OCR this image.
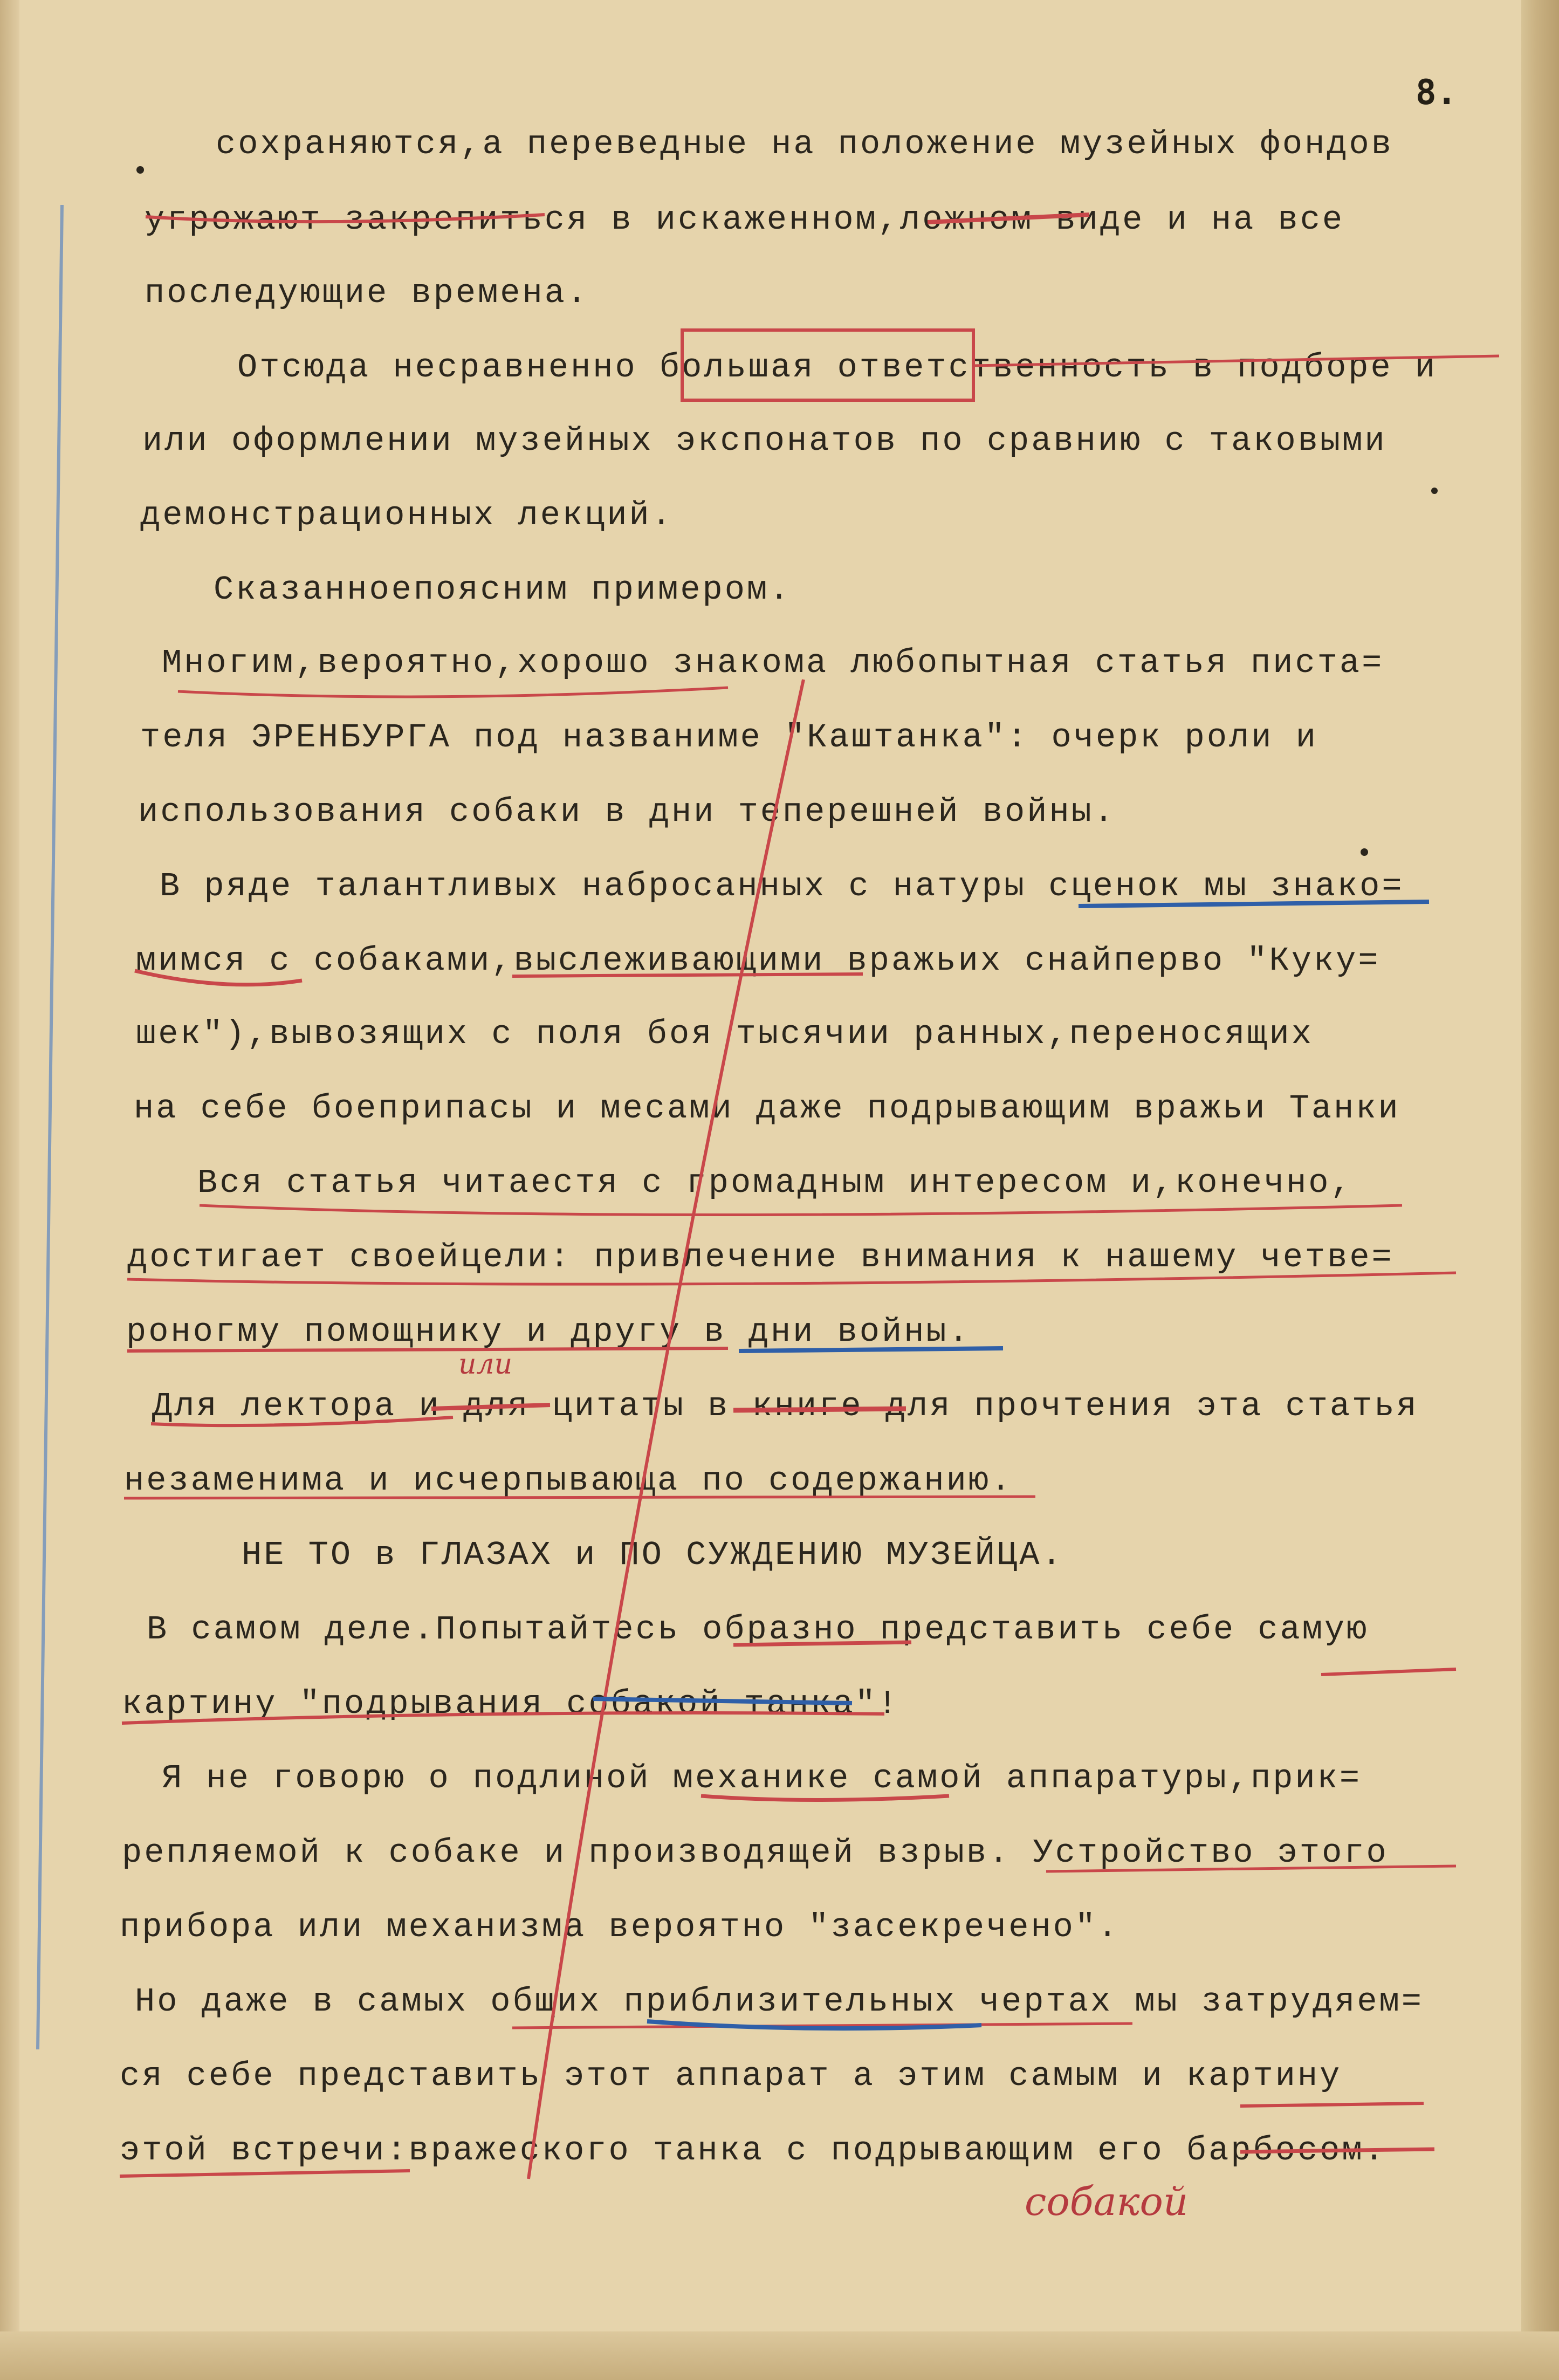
8.
сохраняются,а переведные на положение музейных фондов
угрожают закрепиться в искаженном,ложном виде и на все
последующие времена.
Отсюда несравненно большая ответственность в подборе и
или оформлении музейных экспонатов по сравнию с таковыми
демонстрационных лекций.
Сказанноепоясним примером.
Многим,вероятно,хорошо знакома любопытная статья писта=
теля ЭРЕНБУРГА под названиме "Каштанка": очерк роли и
использования собаки в дни теперешней войны.
В ряде талантливых набросанных с натуры сценок мы знако=
мимся с собаками,выслеживающими вражьих снайперво "Куку=
шек"),вывозящих с поля боя тысячии ранных,переносящих
на себе боеприпасы и месами даже подрывающим вражьи Танки
Вся статья читаестя с громадным интересом и,конечно,
достигает своейцели: привлечение внимания к нашему четве=
роногму помощнику и другу в дни войны.
Для лектора и для цитаты в книге для прочтения эта статья
незаменима и исчерпывающа по содержанию.
НЕ ТО в ГЛАЗАХ и ПО СУЖДЕНИЮ МУЗЕЙЦА.
В самом деле.Попытайтесь образно представить себе самую
картину "подрывания собакой танка"!
Я не говорю о подлиной механике самой аппаратуры,прик=
репляемой к собаке и производящей взрыв. Устройство этого
прибора или механизма вероятно "засекречено".
Но даже в самых общих приблизительных чертах мы затрудяем=
ся себе представить этот аппарат а этим самым и картину
этой встречи:вражеского танка с подрывающим его барбосом.
или
собакой
